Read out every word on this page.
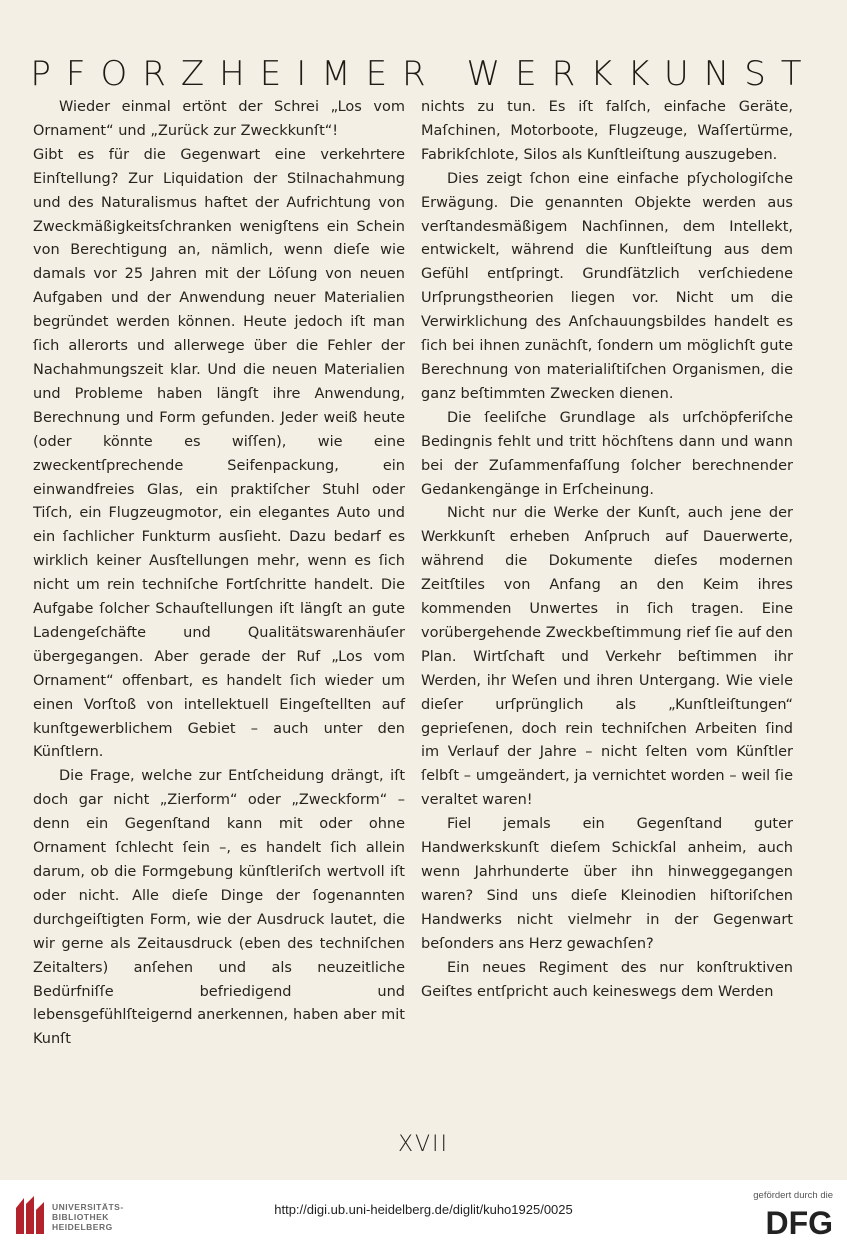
PFORZHEIMER WERKKUNST

Wieder einmal ertönt der Schrei „Los vom Ornament“ und „Zurück zur Zweckkunſt“!

Gibt es für die Gegenwart eine verkehrtere Einſtellung? Zur Liquidation der Stilnachahmung und des Naturalismus haftet der Aufrichtung von Zweckmäßigkeitsſchranken wenigſtens ein Schein von Berechtigung an, nämlich, wenn dieſe wie damals vor 25 Jahren mit der Löſung von neuen Aufgaben und der Anwendung neuer Materialien begründet werden können. Heute jedoch iſt man ſich allerorts und allerwege über die Fehler der Nachahmungszeit klar. Und die neuen Materialien und Probleme haben längſt ihre Anwendung, Berechnung und Form gefunden. Jeder weiß heute (oder könnte es wiſſen), wie eine zweckentſprechende Seifenpackung, ein einwandfreies Glas, ein praktiſcher Stuhl oder Tiſch, ein Flugzeugmotor, ein elegantes Auto und ein ſachlicher Funkturm ausſieht. Dazu bedarf es wirklich keiner Ausſtellungen mehr, wenn es ſich nicht um rein techniſche Fortſchritte handelt. Die Aufgabe ſolcher Schauſtellungen iſt längſt an gute Ladengeſchäfte und Qualitätswarenhäuſer übergegangen. Aber gerade der Ruf „Los vom Ornament“ offenbart, es handelt ſich wieder um einen Vorſtoß von intellektuell Eingeſtellten auf kunſtgewerblichem Gebiet – auch unter den Künſtlern.

Die Frage, welche zur Entſcheidung drängt, iſt doch gar nicht „Zierform“ oder „Zweckform“ – denn ein Gegenſtand kann mit oder ohne Ornament ſchlecht ſein –, es handelt ſich allein darum, ob die Formgebung künſtleriſch wertvoll iſt oder nicht. Alle dieſe Dinge der ſogenannten durchgeiſtigten Form, wie der Ausdruck lautet, die wir gerne als Zeitausdruck (eben des techniſchen Zeitalters) anſehen und als neuzeitliche Bedürfniſſe befriedigend und lebensgefühlſteigernd anerkennen, haben aber mit Kunſt

nichts zu tun. Es iſt falſch, einfache Geräte, Maſchinen, Motorboote, Flugzeuge, Waſſertürme, Fabrikſchlote, Silos als Kunſtleiſtung auszugeben.

Dies zeigt ſchon eine einfache pſychologiſche Erwägung. Die genannten Objekte werden aus verſtandesmäßigem Nachſinnen, dem Intellekt, entwickelt, während die Kunſtleiſtung aus dem Gefühl entſpringt. Grundſätzlich verſchiedene Urſprungstheorien liegen vor. Nicht um die Verwirklichung des Anſchauungsbildes handelt es ſich bei ihnen zunächſt, ſondern um möglichſt gute Berechnung von materialiſtiſchen Organismen, die ganz beſtimmten Zwecken dienen.

Die ſeeliſche Grundlage als urſchöpferiſche Bedingnis fehlt und tritt höchſtens dann und wann bei der Zuſammenfaſſung ſolcher berechnender Gedankengänge in Erſcheinung.

Nicht nur die Werke der Kunſt, auch jene der Werkkunſt erheben Anſpruch auf Dauerwerte, während die Dokumente dieſes modernen Zeitſtiles von Anfang an den Keim ihres kommenden Unwertes in ſich tragen. Eine vorübergehende Zweckbeſtimmung rief ſie auf den Plan. Wirtſchaft und Verkehr beſtimmen ihr Werden, ihr Weſen und ihren Untergang. Wie viele dieſer urſprünglich als „Kunſtleiſtungen“ geprieſenen, doch rein techniſchen Arbeiten ſind im Verlauf der Jahre – nicht ſelten vom Künſtler ſelbſt – umgeändert, ja vernichtet worden – weil ſie veraltet waren!

Fiel jemals ein Gegenſtand guter Handwerkskunſt dieſem Schickſal anheim, auch wenn Jahrhunderte über ihn hinweggegangen waren? Sind uns dieſe Kleinodien hiſtoriſchen Handwerks nicht vielmehr in der Gegenwart beſonders ans Herz gewachſen?

Ein neues Regiment des nur konſtruktiven Geiſtes entſpricht auch keineswegs dem Werden

XVII
UNIVERSITÄTS-
BIBLIOTHEK
HEIDELBERG
http://digi.ub.uni-heidelberg.de/diglit/kuho1925/0025
gefördert durch die
DFG
